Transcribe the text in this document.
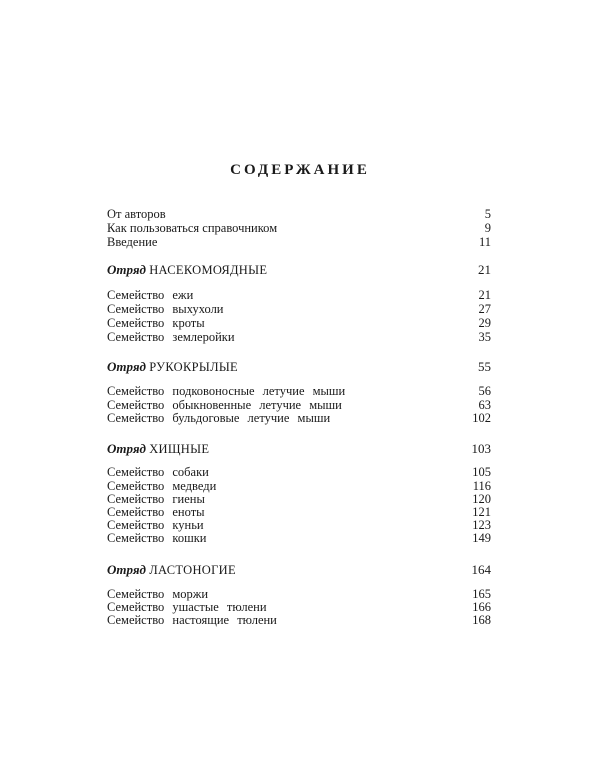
СОДЕРЖАНИЕ
От авторов	5
Как пользоваться справочником	9
Введение	11
Отряд НАСЕКОМОЯДНЫЕ	21
Семейство ежи	21
Семейство выхухоли	27
Семейство кроты	29
Семейство землеройки	35
Отряд РУКОКРЫЛЫЕ	55
Семейство подковоносные летучие мыши	56
Семейство обыкновенные летучие мыши	63
Семейство бульдоговые летучие мыши	102
Отряд ХИЩНЫЕ	103
Семейство собаки	105
Семейство медведи	116
Семейство гиены	120
Семейство еноты	121
Семейство куньи	123
Семейство кошки	149
Отряд ЛАСТОНОГИЕ	164
Семейство моржи	165
Семейство ушастые тюлени	166
Семейство настоящие тюлени	168
